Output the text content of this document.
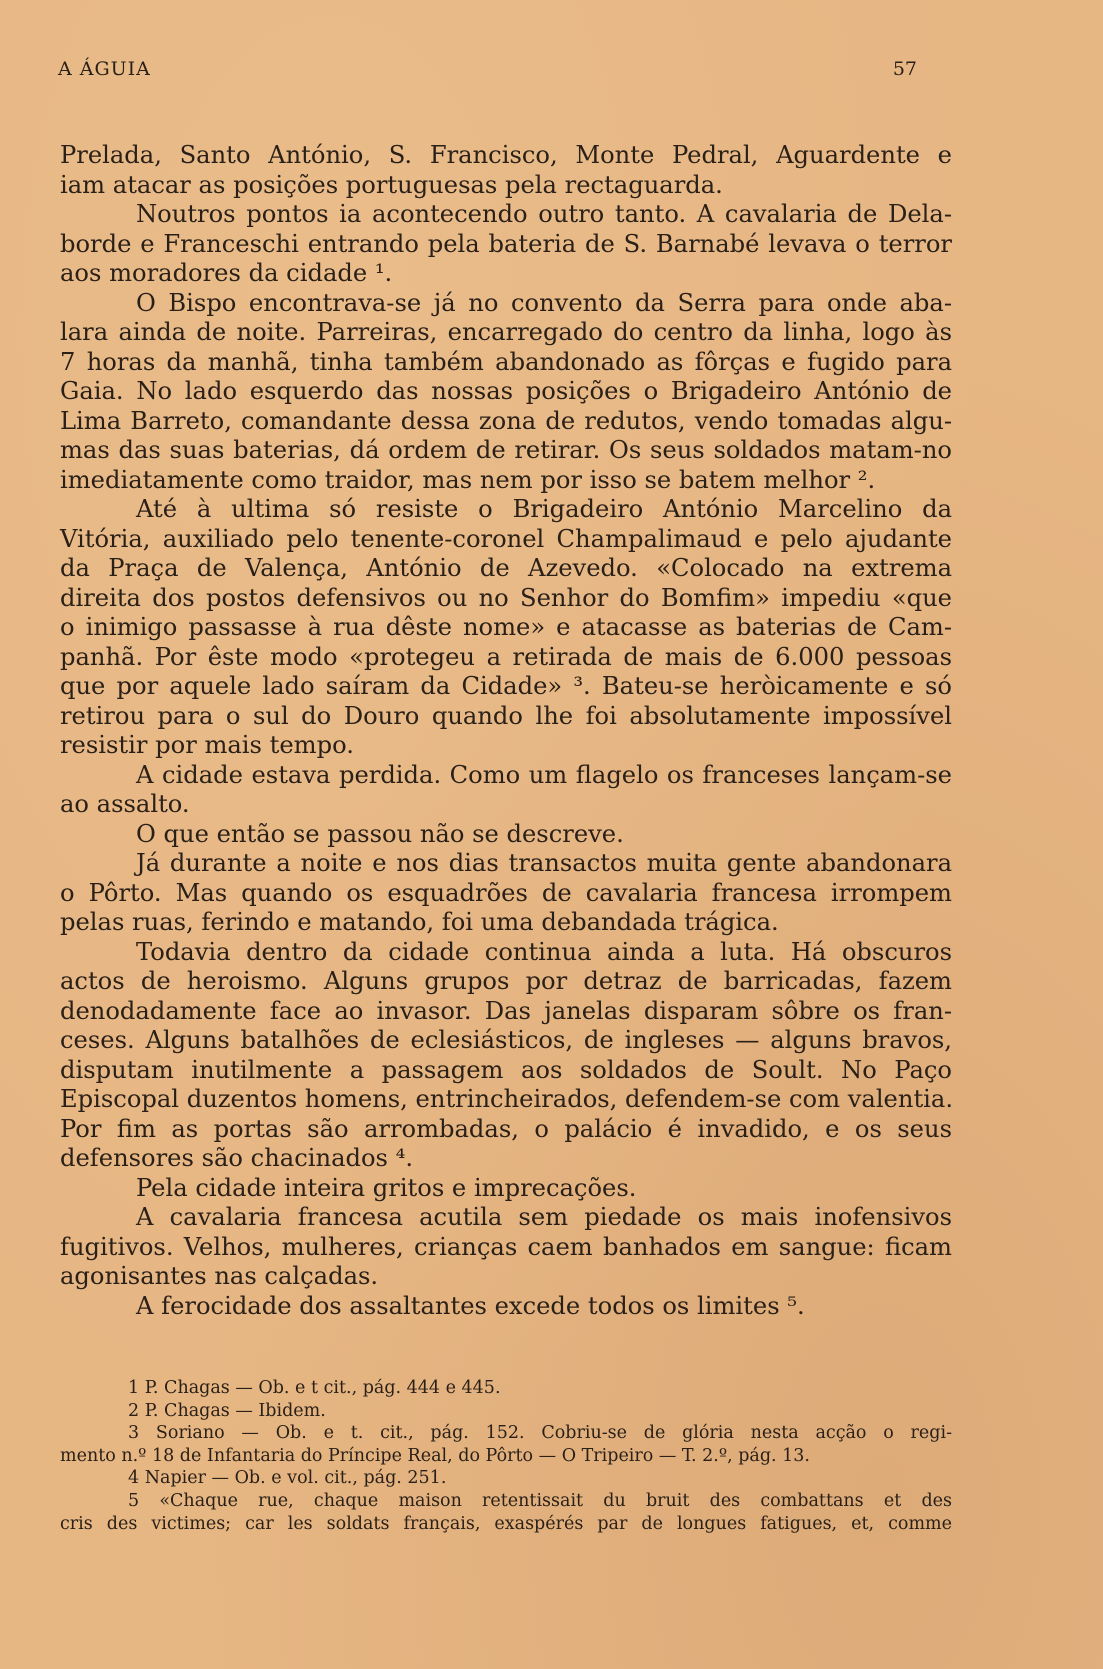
A ÁGUIA	57
Prelada, Santo António, S. Francisco, Monte Pedral, Aguardente e
iam atacar as posições portuguesas pela rectaguarda.
Noutros pontos ia acontecendo outro tanto. A cavalaria de Dela-
borde e Franceschi entrando pela bateria de S. Barnabé levava o terror
aos moradores da cidade ¹.
O Bispo encontrava-se já no convento da Serra para onde aba-
lara ainda de noite. Parreiras, encarregado do centro da linha, logo às
7 horas da manhã, tinha também abandonado as fôrças e fugido para
Gaia. No lado esquerdo das nossas posições o Brigadeiro António de
Lima Barreto, comandante dessa zona de redutos, vendo tomadas algu-
mas das suas baterias, dá ordem de retirar. Os seus soldados matam-no
imediatamente como traidor, mas nem por isso se batem melhor ².
Até à ultima só resiste o Brigadeiro António Marcelino da
Vitória, auxiliado pelo tenente-coronel Champalimaud e pelo ajudante
da Praça de Valença, António de Azevedo. «Colocado na extrema
direita dos postos defensivos ou no Senhor do Bomfim» impediu «que
o inimigo passasse à rua dêste nome» e atacasse as baterias de Cam-
panhã. Por êste modo «protegeu a retirada de mais de 6.000 pessoas
que por aquele lado saíram da Cidade» ³. Bateu-se heròicamente e só
retirou para o sul do Douro quando lhe foi absolutamente impossível
resistir por mais tempo.
A cidade estava perdida. Como um flagelo os franceses lançam-se
ao assalto.
O que então se passou não se descreve.
Já durante a noite e nos dias transactos muita gente abandonara
o Pôrto. Mas quando os esquadrões de cavalaria francesa irrompem
pelas ruas, ferindo e matando, foi uma debandada trágica.
Todavia dentro da cidade continua ainda a luta. Há obscuros
actos de heroismo. Alguns grupos por detraz de barricadas, fazem
denodadamente face ao invasor. Das janelas disparam sôbre os fran-
ceses. Alguns batalhões de eclesiásticos, de ingleses — alguns bravos,
disputam inutilmente a passagem aos soldados de Soult. No Paço
Episcopal duzentos homens, entrincheirados, defendem-se com valentia.
Por fim as portas são arrombadas, o palácio é invadido, e os seus
defensores são chacinados ⁴.
Pela cidade inteira gritos e imprecações.
A cavalaria francesa acutila sem piedade os mais inofensivos
fugitivos. Velhos, mulheres, crianças caem banhados em sangue: ficam
agonisantes nas calçadas.
A ferocidade dos assaltantes excede todos os limites ⁵.
1 P. Chagas — Ob. e t cit., pág. 444 e 445.
2 P. Chagas — Ibidem.
3 Soriano — Ob. e t. cit., pág. 152. Cobriu-se de glória nesta acção o regi-
mento n.º 18 de Infantaria do Príncipe Real, do Pôrto — O Tripeiro — T. 2.º, pág. 13.
4 Napier — Ob. e vol. cit., pág. 251.
5 «Chaque rue, chaque maison retentissait du bruit des combattans et des
cris des victimes; car les soldats français, exaspérés par de longues fatigues, et, comme
